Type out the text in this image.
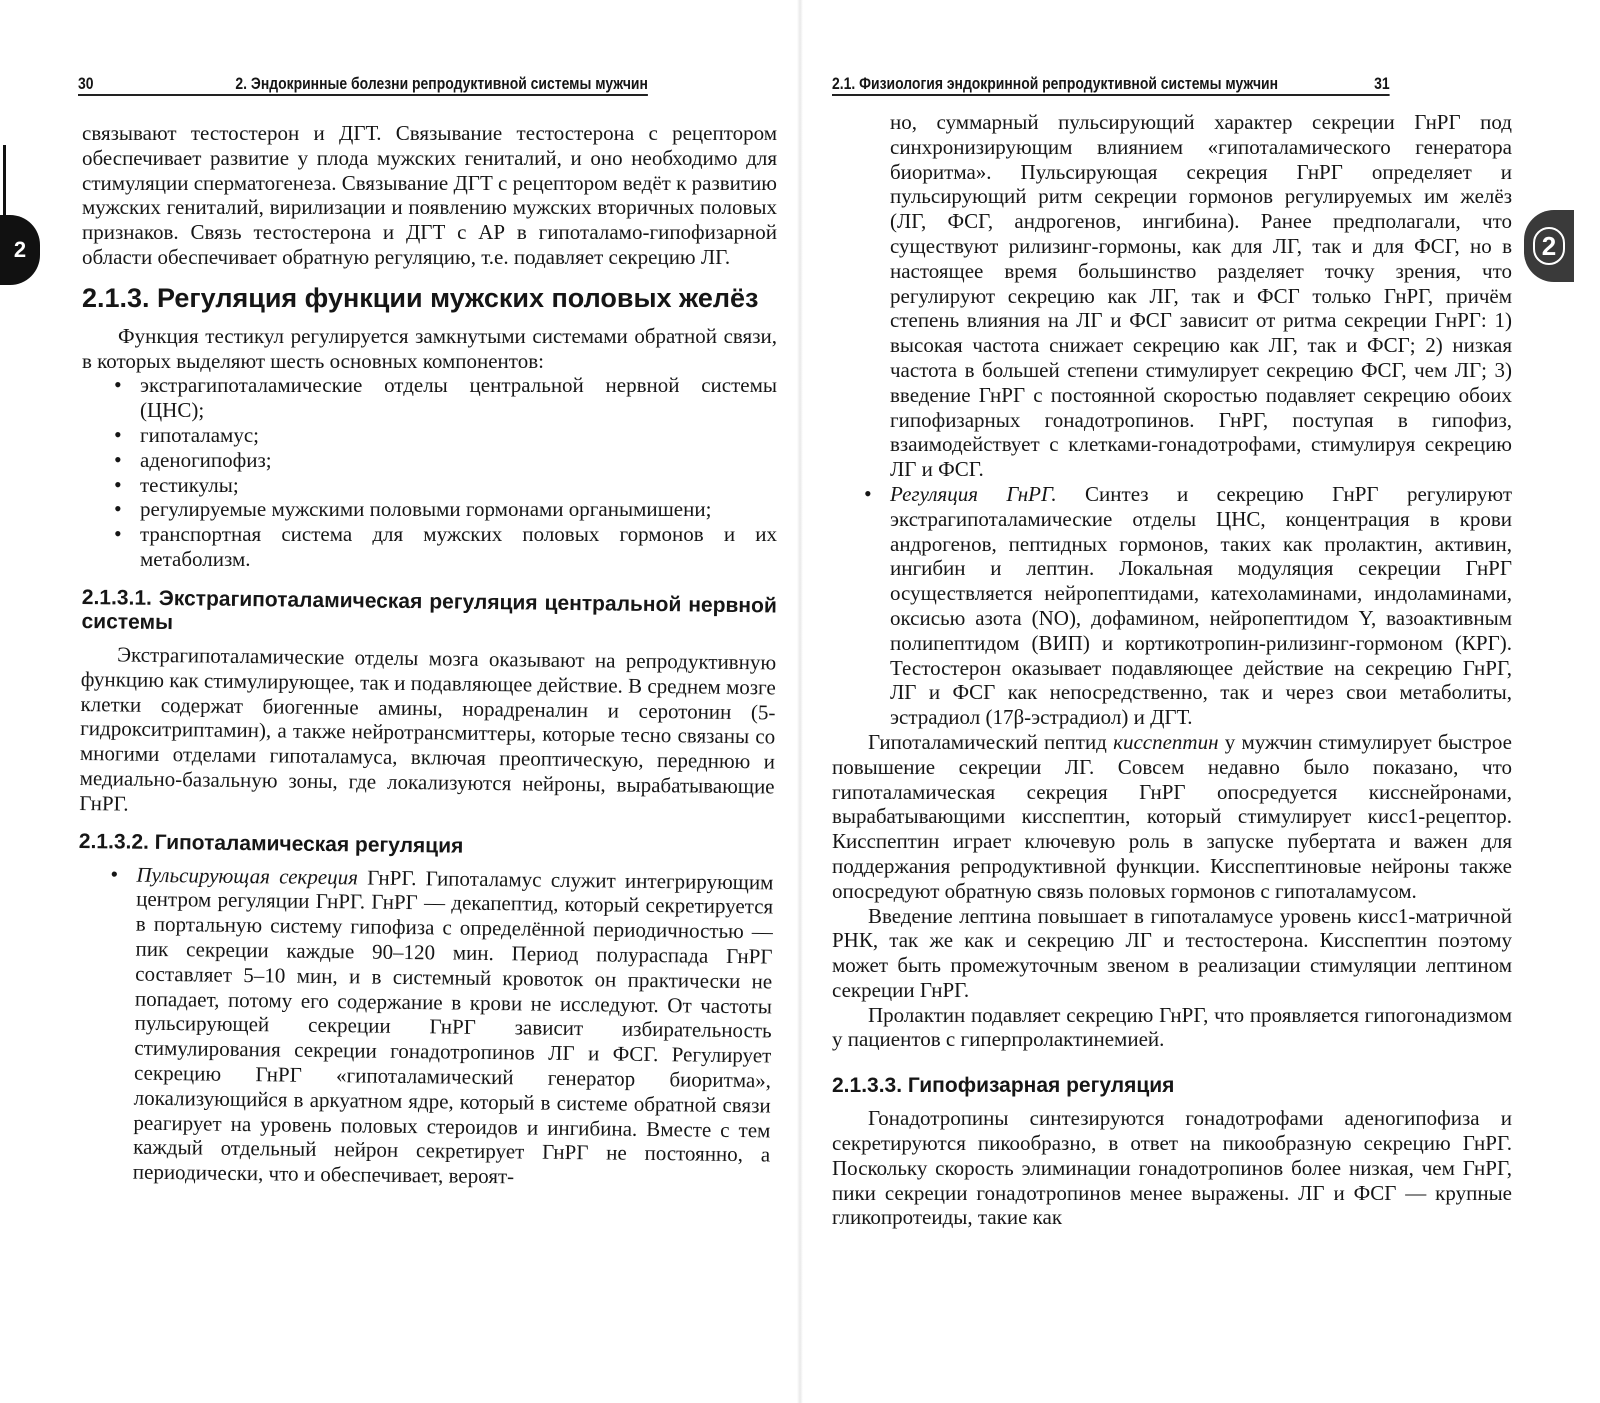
30	2. Эндокринные болезни репродуктивной системы мужчин
2

связывают тестостерон и ДГТ. Связывание тестостерона с рецептором обеспечивает развитие у плода мужских гениталий, и оно необходимо для стимуляции сперматогенеза. Связывание ДГТ с рецептором ведёт к развитию мужских гениталий, вирилизации и появлению мужских вторичных половых признаков. Связь тестостерона и ДГТ с АР в гипоталамо-гипофизарной области обеспечивает обратную регуляцию, т.е. подавляет секрецию ЛГ.

2.1.3. Регуляция функции мужских половых желёз

Функция тестикул регулируется замкнутыми системами обратной связи, в которых выделяют шесть основных компонентов:

• экстрагипоталамические отделы центральной нервной системы (ЦНС);
• гипоталамус;
• аденогипофиз;
• тестикулы;
• регулируемые мужскими половыми гормонами органымишени;
• транспортная система для мужских половых гормонов и их метаболизм.
2.1.3.1. Экстрагипоталамическая регуляция центральной нервной системы

Экстрагипоталамические отделы мозга оказывают на репродуктивную функцию как стимулирующее, так и подавляющее действие. В среднем мозге клетки содержат биогенные амины, норадреналин и серотонин (5-гидрокситриптамин), а также нейротрансмиттеры, которые тесно связаны со многими отделами гипоталамуса, включая преоптическую, переднюю и медиально-базальную зоны, где локализуются нейроны, вырабатывающие ГнРГ.

2.1.3.2. Гипоталамическая регуляция
• Пульсирующая секреция ГнРГ. Гипоталамус служит интегрирующим центром регуляции ГнРГ. ГнРГ — декапептид, который секретируется в портальную систему гипофиза с определённой периодичностью — пик секреции каждые 90–120 мин. Период полураспада ГнРГ составляет 5–10 мин, и в системный кровоток он практически не попадает, потому его содержание в крови не исследуют. От частоты пульсирующей секреции ГнРГ зависит избирательность стимулирования секреции гонадотропинов ЛГ и ФСГ. Регулирует секрецию ГнРГ «гипоталамический генератор биоритма», локализующийся в аркуатном ядре, который в системе обратной связи реагирует на уровень половых стероидов и ингибина. Вместе с тем каждый отдельный нейрон секретирует ГнРГ не постоянно, а периодически, что и обеспечивает, вероят-
2.1. Физиология эндокринной репродуктивной системы мужчин	31

но, суммарный пульсирующий характер секреции ГнРГ под синхронизирующим влиянием «гипоталамического генератора биоритма». Пульсирующая секреция ГнРГ определяет и пульсирующий ритм секреции гормонов регулируемых им желёз (ЛГ, ФСГ, андрогенов, ингибина). Ранее предполагали, что существуют рилизинг-гормоны, как для ЛГ, так и для ФСГ, но в настоящее время большинство разделяет точку зрения, что регулируют секрецию как ЛГ, так и ФСГ только ГнРГ, причём степень влияния на ЛГ и ФСГ зависит от ритма секреции ГнРГ: 1) высокая частота снижает секрецию как ЛГ, так и ФСГ; 2) низкая частота в большей степени стимулирует секрецию ФСГ, чем ЛГ; 3) введение ГнРГ с постоянной скоростью подавляет секрецию обоих гипофизарных гонадотропинов. ГнРГ, поступая в гипофиз, взаимодействует с клетками-гонадотрофами, стимулируя секрецию ЛГ и ФСГ.

• Регуляция ГнРГ. Синтез и секрецию ГнРГ регулируют экстрагипоталамические отделы ЦНС, концентрация в крови андрогенов, пептидных гормонов, таких как пролактин, активин, ингибин и лептин. Локальная модуляция секреции ГнРГ осуществляется нейропептидами, катехоламинами, индоламинами, оксисью азота (NO), дофамином, нейропептидом Y, вазоактивным полипептидом (ВИП) и кортикотропин-рилизинг-гормоном (КРГ). Тестостерон оказывает подавляющее действие на секрецию ГнРГ, ЛГ и ФСГ как непосредственно, так и через свои метаболиты, эстрадиол (17β-эстрадиол) и ДГТ.

Гипоталамический пептид кисспептин у мужчин стимулирует быстрое повышение секреции ЛГ. Совсем недавно было показано, что гипоталамическая секреция ГнРГ опосредуется кисснейронами, вырабатывающими кисспептин, который стимулирует кисс1-рецептор. Кисспептин играет ключевую роль в запуске пубертата и важен для поддержания репродуктивной функции. Кисспептиновые нейроны также опосредуют обратную связь половых гормонов с гипоталамусом.

Введение лептина повышает в гипоталамусе уровень кисс1-матричной РНК, так же как и секрецию ЛГ и тестостерона. Кисспептин поэтому может быть промежуточным звеном в реализации стимуляции лептином секреции ГнРГ.

Пролактин подавляет секрецию ГнРГ, что проявляется гипогонадизмом у пациентов с гиперпролактинемией.

2.1.3.3. Гипофизарная регуляция

Гонадотропины синтезируются гонадотрофами аденогипофиза и секретируются пикообразно, в ответ на пикообразную секрецию ГнРГ. Поскольку скорость элиминации гонадотропинов более низкая, чем ГнРГ, пики секреции гонадотропинов менее выражены. ЛГ и ФСГ — крупные гликопротеиды, такие как

2
